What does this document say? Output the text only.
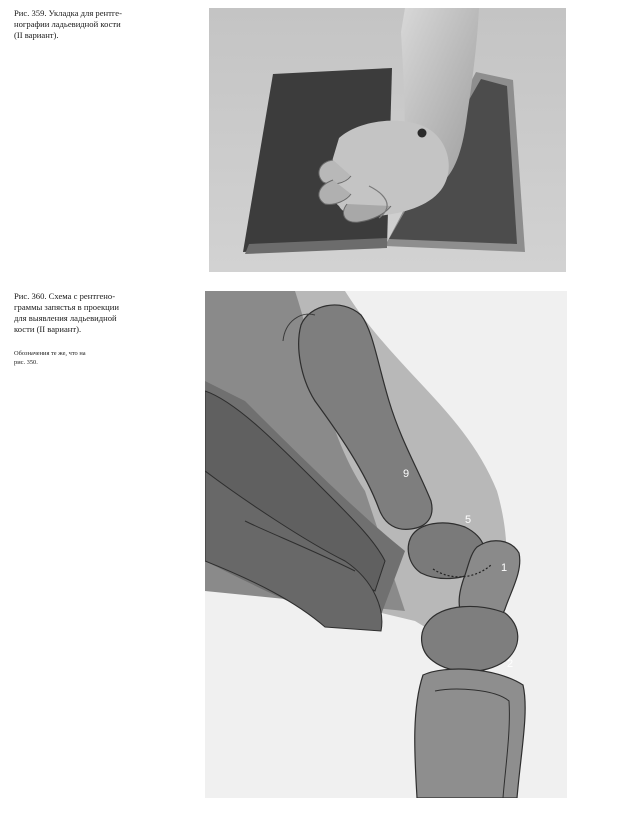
Рис. 359. Укладка для рентге-
нографии ладьевидной кости
(II вариант).

Рис. 360. Схема с рентгено-
граммы запястья в проекции
для выявления ладьевидной
кости (II вариант).

Обозначения те же, что на
рис. 350.

9
5
1
2
